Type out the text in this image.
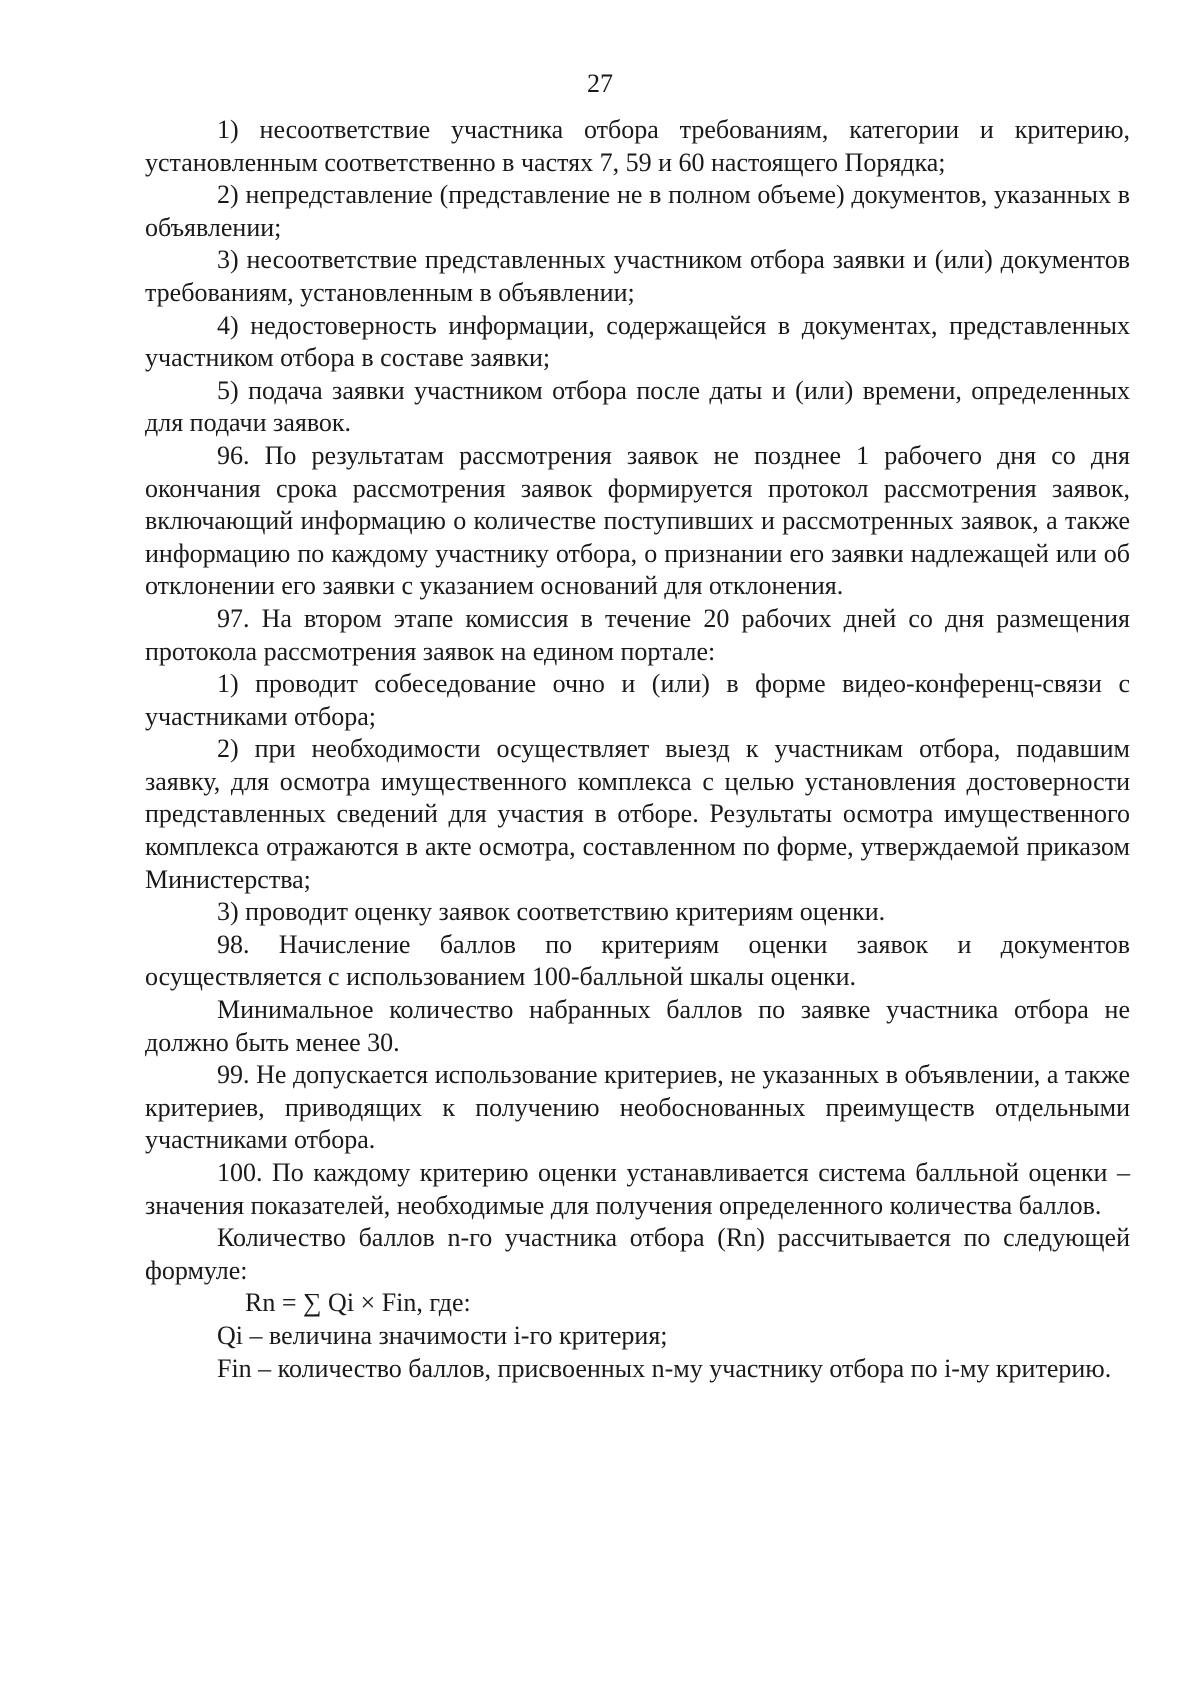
27

1) несоответствие участника отбора требованиям, категории и критерию, установленным соответственно в частях 7, 59 и 60 настоящего Порядка;

2) непредставление (представление не в полном объеме) документов, указанных в объявлении;

3) несоответствие представленных участником отбора заявки и (или) документов требованиям, установленным в объявлении;

4) недостоверность информации, содержащейся в документах, представленных участником отбора в составе заявки;

5) подача заявки участником отбора после даты и (или) времени, определенных для подачи заявок.

96. По результатам рассмотрения заявок не позднее 1 рабочего дня со дня окончания срока рассмотрения заявок формируется протокол рассмотрения заявок, включающий информацию о количестве поступивших и рассмотренных заявок, а также информацию по каждому участнику отбора, о признании его заявки надлежащей или об отклонении его заявки с указанием оснований для отклонения.

97. На втором этапе комиссия в течение 20 рабочих дней со дня размещения протокола рассмотрения заявок на едином портале:

1) проводит собеседование очно и (или) в форме видео-конференц-связи с участниками отбора;

2) при необходимости осуществляет выезд к участникам отбора, подавшим заявку, для осмотра имущественного комплекса с целью установления достоверности представленных сведений для участия в отборе. Результаты осмотра имущественного комплекса отражаются в акте осмотра, составленном по форме, утверждаемой приказом Министерства;

3) проводит оценку заявок соответствию критериям оценки.

98. Начисление баллов по критериям оценки заявок и документов осуществляется с использованием 100-балльной шкалы оценки.

Минимальное количество набранных баллов по заявке участника отбора не должно быть менее 30.

99. Не допускается использование критериев, не указанных в объявлении, а также критериев, приводящих к получению необоснованных преимуществ отдельными участниками отбора.

100. По каждому критерию оценки устанавливается система балльной оценки – значения показателей, необходимые для получения определенного количества баллов.

Количество баллов n-го участника отбора (Rn) рассчитывается по следующей формуле:

Rn = ∑ Qi × Fin, где:

Qi – величина значимости i-го критерия;

Fin – количество баллов, присвоенных n-му участнику отбора по i-му критерию.
